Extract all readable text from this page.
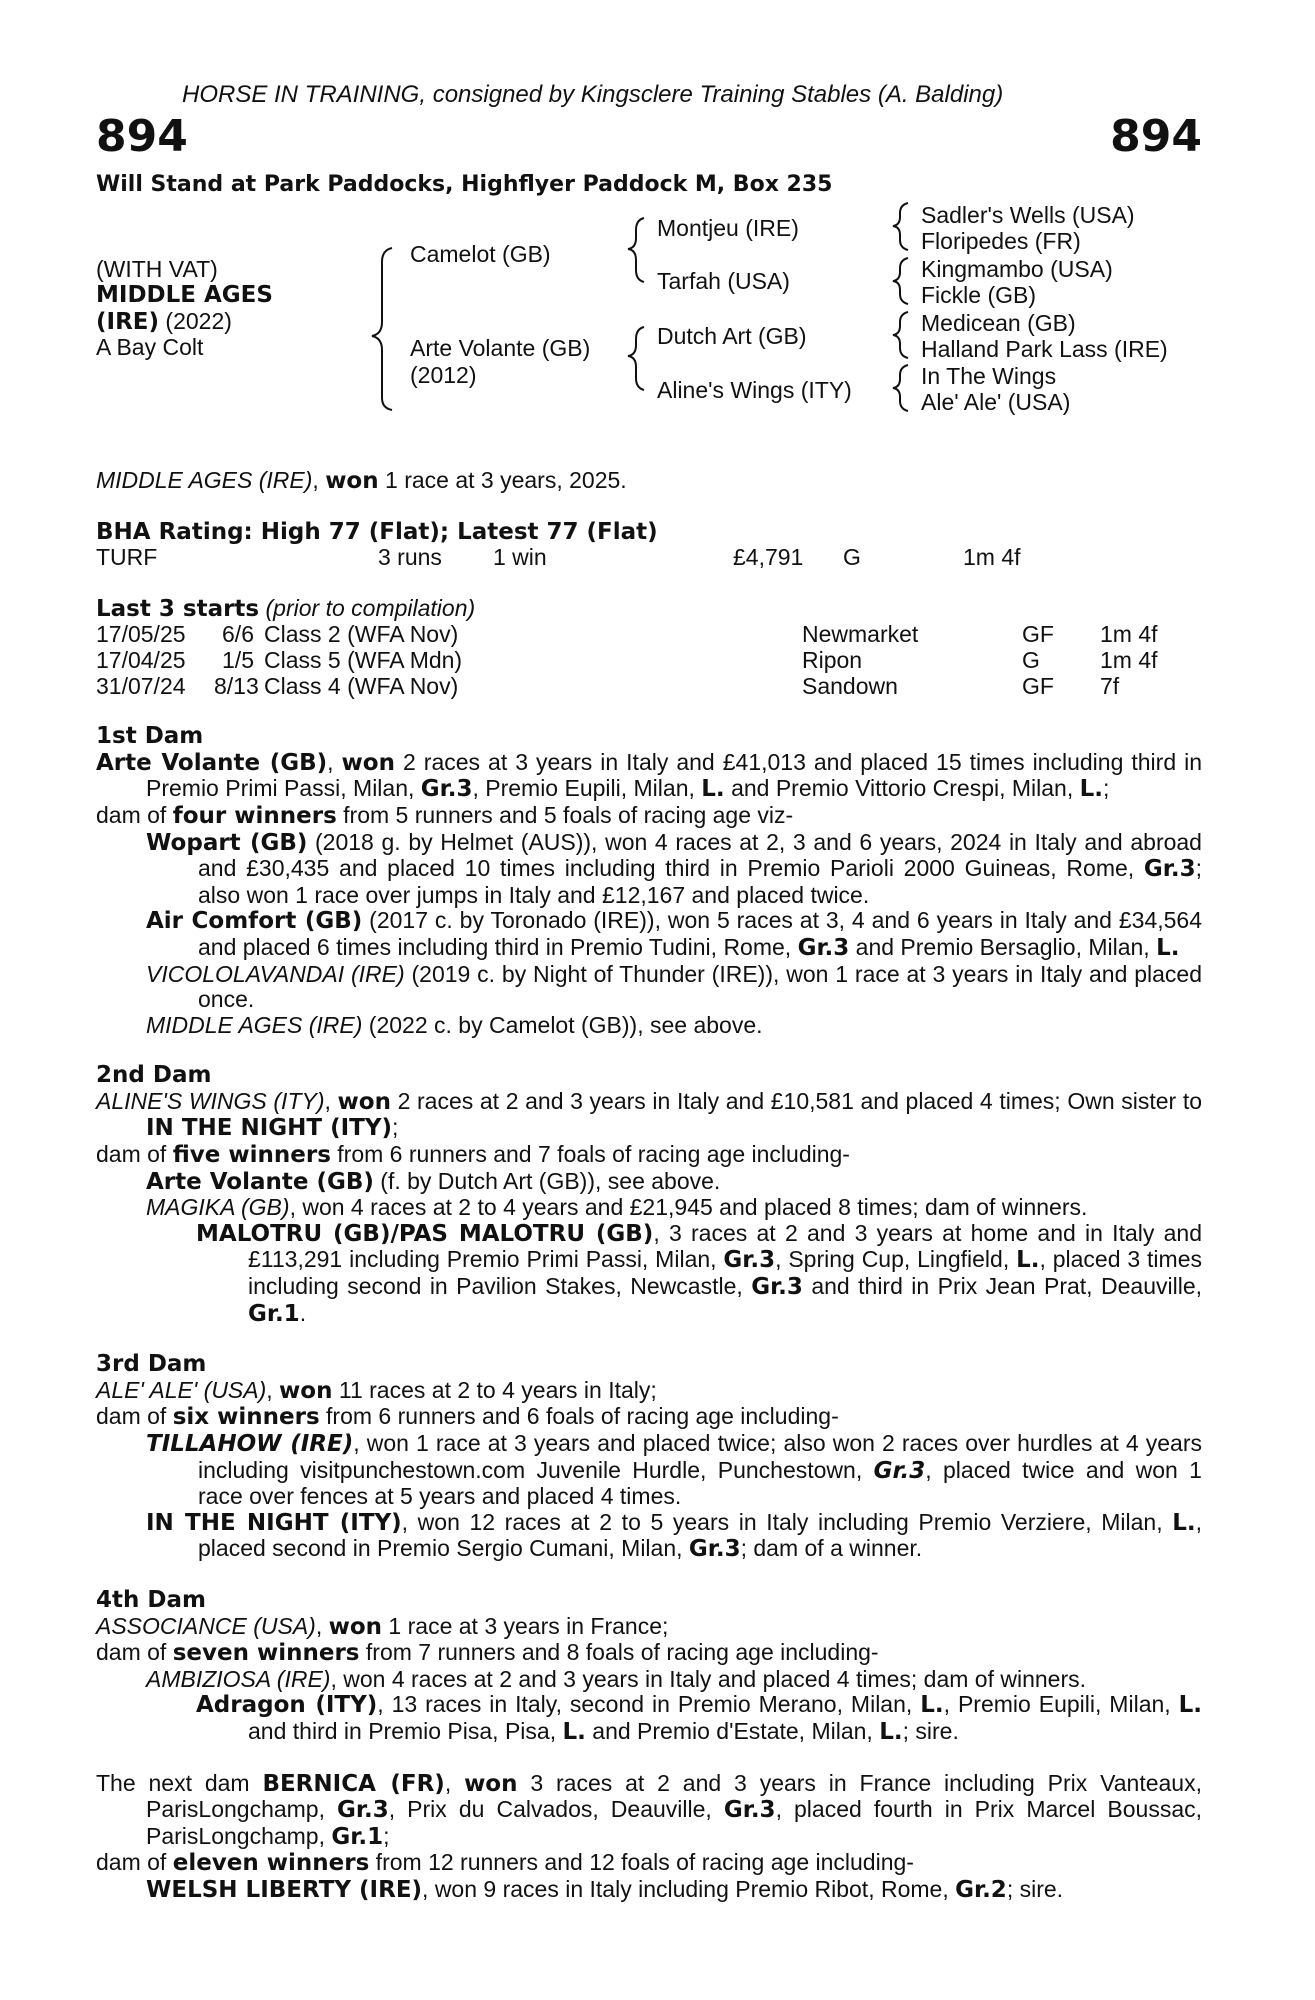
HORSE IN TRAINING, consigned by Kingsclere Training Stables (A. Balding)
894	894
Will Stand at Park Paddocks, Highflyer Paddock M, Box 235
(WITH VAT)
MIDDLE AGES
(IRE) (2022)
A Bay Colt
Camelot (GB)
Arte Volante (GB)
(2012)
Montjeu (IRE)
Tarfah (USA)
Dutch Art (GB)
Aline's Wings (ITY)
Sadler's Wells (USA)
Floripedes (FR)
Kingmambo (USA)
Fickle (GB)
Medicean (GB)
Halland Park Lass (IRE)
In The Wings
Ale' Ale' (USA)
MIDDLE AGES (IRE), won 1 race at 3 years, 2025.
BHA Rating: High 77 (Flat); Latest 77 (Flat)
TURF	3 runs	1 win	£4,791	G	1m 4f
Last 3 starts (prior to compilation)
17/05/25	6/6 Class 2 (WFA Nov)	Newmarket	GF	1m 4f
17/04/25	1/5 Class 5 (WFA Mdn)	Ripon	G	1m 4f
31/07/24	8/13 Class 4 (WFA Nov)	Sandown	GF	7f
1st Dam
Arte Volante (GB), won 2 races at 3 years in Italy and £41,013 and placed 15 times including third in Premio Primi Passi, Milan, Gr.3, Premio Eupili, Milan, L. and Premio Vittorio Crespi, Milan, L.;
dam of four winners from 5 runners and 5 foals of racing age viz-
Wopart (GB) (2018 g. by Helmet (AUS)), won 4 races at 2, 3 and 6 years, 2024 in Italy and abroad and £30,435 and placed 10 times including third in Premio Parioli 2000 Guineas, Rome, Gr.3; also won 1 race over jumps in Italy and £12,167 and placed twice.
Air Comfort (GB) (2017 c. by Toronado (IRE)), won 5 races at 3, 4 and 6 years in Italy and £34,564 and placed 6 times including third in Premio Tudini, Rome, Gr.3 and Premio Bersaglio, Milan, L.
VICOLOLAVANDAI (IRE) (2019 c. by Night of Thunder (IRE)), won 1 race at 3 years in Italy and placed once.
MIDDLE AGES (IRE) (2022 c. by Camelot (GB)), see above.
2nd Dam
ALINE'S WINGS (ITY), won 2 races at 2 and 3 years in Italy and £10,581 and placed 4 times; Own sister to IN THE NIGHT (ITY);
dam of five winners from 6 runners and 7 foals of racing age including-
Arte Volante (GB) (f. by Dutch Art (GB)), see above.
MAGIKA (GB), won 4 races at 2 to 4 years and £21,945 and placed 8 times; dam of winners.
MALOTRU (GB)/PAS MALOTRU (GB), 3 races at 2 and 3 years at home and in Italy and £113,291 including Premio Primi Passi, Milan, Gr.3, Spring Cup, Lingfield, L., placed 3 times including second in Pavilion Stakes, Newcastle, Gr.3 and third in Prix Jean Prat, Deauville, Gr.1.
3rd Dam
ALE' ALE' (USA), won 11 races at 2 to 4 years in Italy;
dam of six winners from 6 runners and 6 foals of racing age including-
TILLAHOW (IRE), won 1 race at 3 years and placed twice; also won 2 races over hurdles at 4 years including visitpunchestown.com Juvenile Hurdle, Punchestown, Gr.3, placed twice and won 1 race over fences at 5 years and placed 4 times.
IN THE NIGHT (ITY), won 12 races at 2 to 5 years in Italy including Premio Verziere, Milan, L., placed second in Premio Sergio Cumani, Milan, Gr.3; dam of a winner.
4th Dam
ASSOCIANCE (USA), won 1 race at 3 years in France;
dam of seven winners from 7 runners and 8 foals of racing age including-
AMBIZIOSA (IRE), won 4 races at 2 and 3 years in Italy and placed 4 times; dam of winners.
Adragon (ITY), 13 races in Italy, second in Premio Merano, Milan, L., Premio Eupili, Milan, L. and third in Premio Pisa, Pisa, L. and Premio d'Estate, Milan, L.; sire.
The next dam BERNICA (FR), won 3 races at 2 and 3 years in France including Prix Vanteaux, ParisLongchamp, Gr.3, Prix du Calvados, Deauville, Gr.3, placed fourth in Prix Marcel Boussac, ParisLongchamp, Gr.1;
dam of eleven winners from 12 runners and 12 foals of racing age including-
WELSH LIBERTY (IRE), won 9 races in Italy including Premio Ribot, Rome, Gr.2; sire.
